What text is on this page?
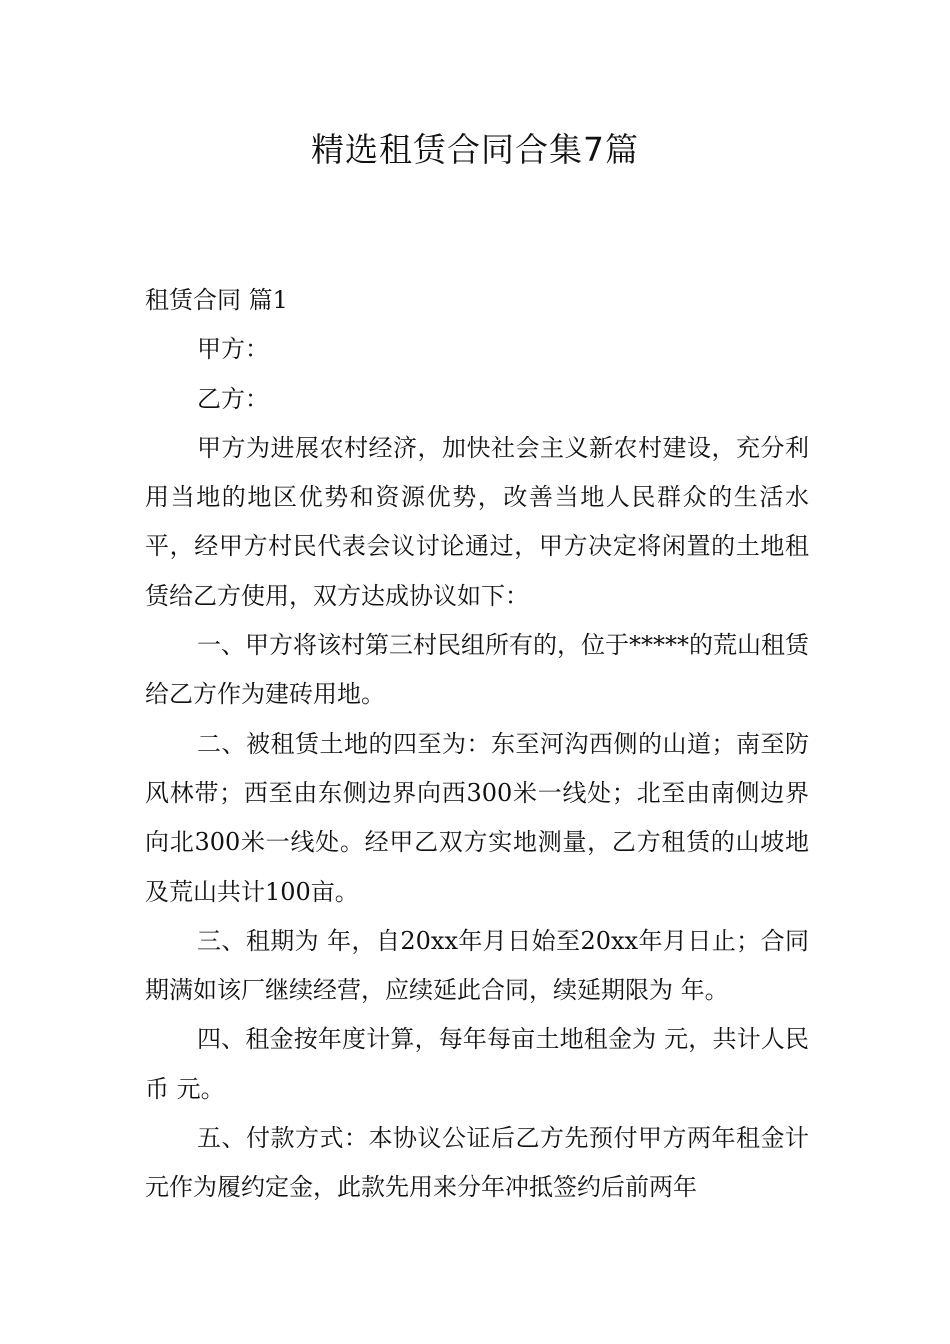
精选租赁合同合集7篇

租赁合同 篇1

甲方：

乙方：

甲方为进展农村经济，加快社会主义新农村建设，充分利用当地的地区优势和资源优势，改善当地人民群众的生活水平，经甲方村民代表会议讨论通过，甲方决定将闲置的土地租赁给乙方使用，双方达成协议如下：

一、甲方将该村第三村民组所有的，位于*****的荒山租赁给乙方作为建砖用地。

二、被租赁土地的四至为：东至河沟西侧的山道；南至防风林带；西至由东侧边界向西300米一线处；北至由南侧边界向北300米一线处。经甲乙双方实地测量，乙方租赁的山坡地及荒山共计100亩。

三、租期为 年，自20xx年月日始至20xx年月日止；合同期满如该厂继续经营，应续延此合同，续延期限为 年。

四、租金按年度计算，每年每亩土地租金为 元，共计人民币 元。

五、付款方式：本协议公证后乙方先预付甲方两年租金计 元作为履约定金，此款先用来分年冲抵签约后前两年
